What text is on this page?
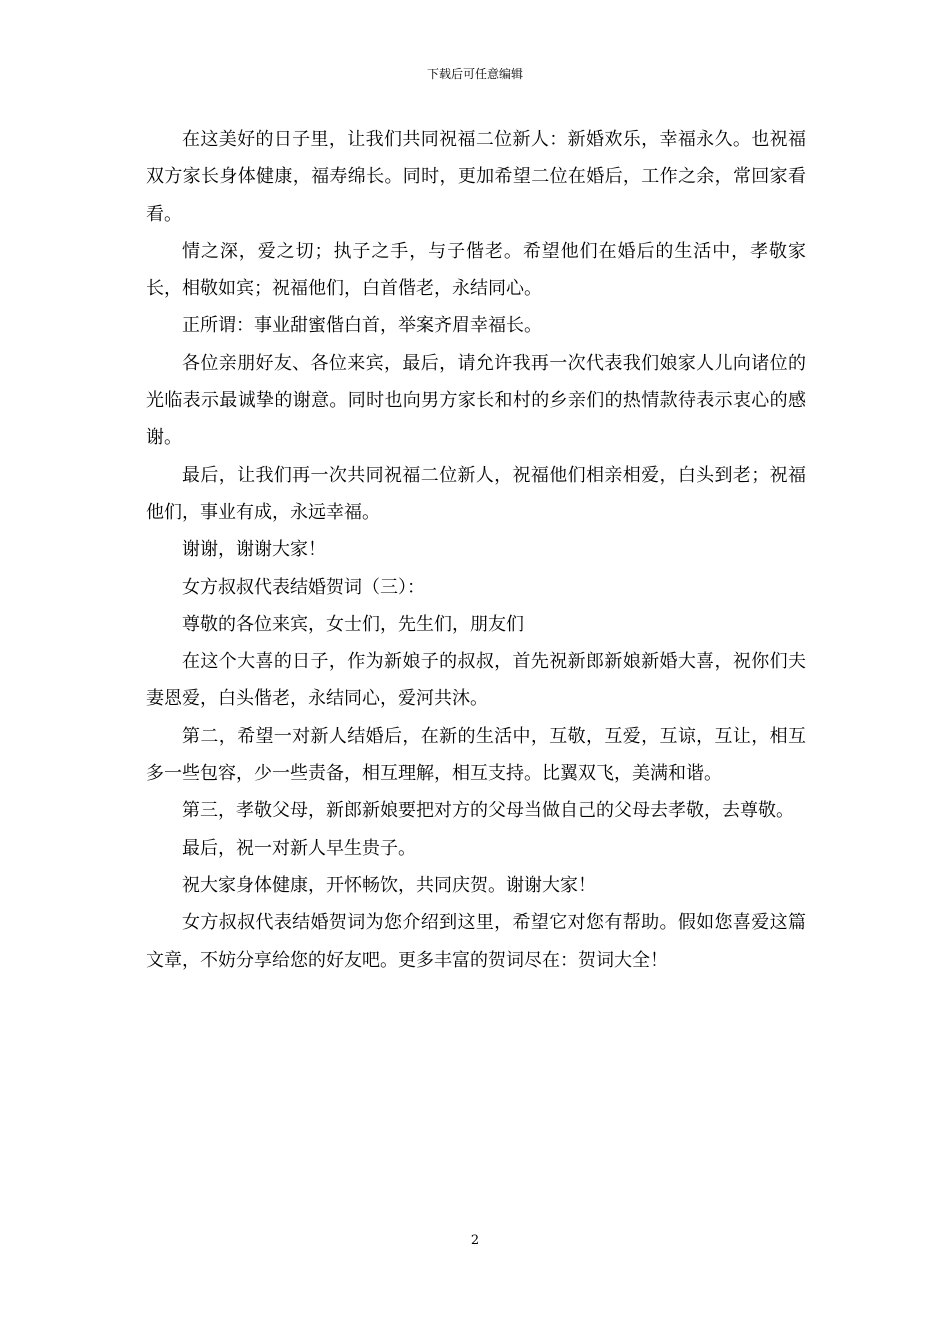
下载后可任意编辑

在这美好的日子里，让我们共同祝福二位新人：新婚欢乐，幸福永久。也祝福双方家长身体健康，福寿绵长。同时，更加希望二位在婚后，工作之余，常回家看看。

情之深，爱之切；执子之手，与子偕老。希望他们在婚后的生活中，孝敬家长，相敬如宾；祝福他们，白首偕老，永结同心。

正所谓：事业甜蜜偕白首，举案齐眉幸福长。

各位亲朋好友、各位来宾，最后，请允许我再一次代表我们娘家人儿向诸位的光临表示最诚挚的谢意。同时也向男方家长和村的乡亲们的热情款待表示衷心的感谢。

最后，让我们再一次共同祝福二位新人，祝福他们相亲相爱，白头到老；祝福他们，事业有成，永远幸福。

谢谢，谢谢大家！

女方叔叔代表结婚贺词（三）：

尊敬的各位来宾，女士们，先生们，朋友们

在这个大喜的日子，作为新娘子的叔叔，首先祝新郎新娘新婚大喜，祝你们夫妻恩爱，白头偕老，永结同心，爱河共沐。

第二，希望一对新人结婚后，在新的生活中，互敬，互爱，互谅，互让，相互多一些包容，少一些责备，相互理解，相互支持。比翼双飞，美满和谐。

第三，孝敬父母，新郎新娘要把对方的父母当做自己的父母去孝敬，去尊敬。

最后，祝一对新人早生贵子。

祝大家身体健康，开怀畅饮，共同庆贺。谢谢大家！

女方叔叔代表结婚贺词为您介绍到这里，希望它对您有帮助。假如您喜爱这篇文章，不妨分享给您的好友吧。更多丰富的贺词尽在：贺词大全！

2
